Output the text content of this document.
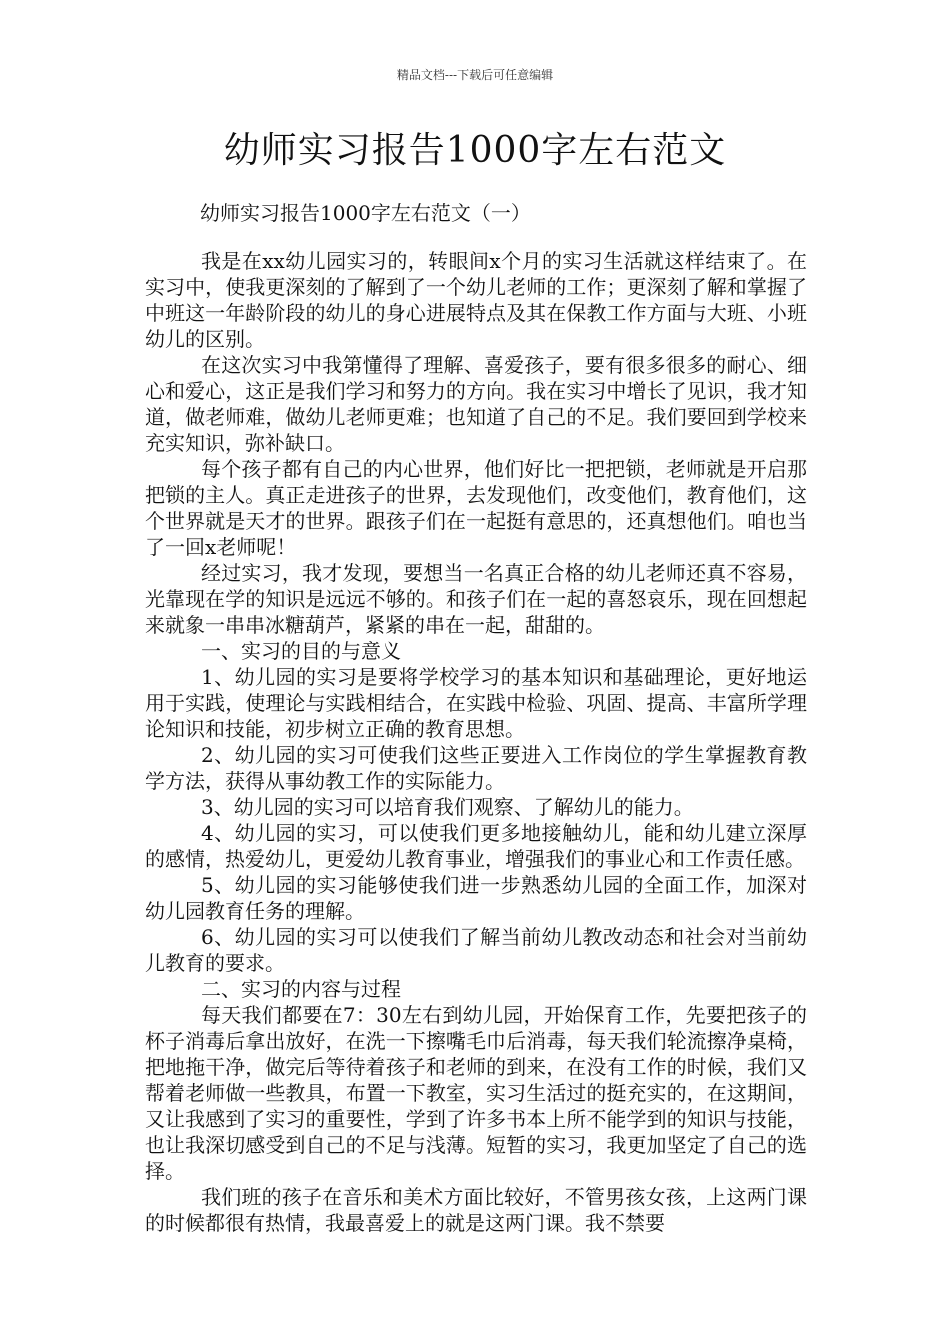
精品文档---下载后可任意编辑
幼师实习报告1000字左右范文
幼师实习报告1000字左右范文（一）

我是在xx幼儿园实习的，转眼间x个月的实习生活就这样结束了。在实习中，使我更深刻的了解到了一个幼儿老师的工作；更深刻了解和掌握了中班这一年龄阶段的幼儿的身心进展特点及其在保教工作方面与大班、小班幼儿的区别。

在这次实习中我第懂得了理解、喜爱孩子，要有很多很多的耐心、细心和爱心，这正是我们学习和努力的方向。我在实习中增长了见识，我才知道，做老师难，做幼儿老师更难；也知道了自己的不足。我们要回到学校来充实知识，弥补缺口。

每个孩子都有自己的内心世界，他们好比一把把锁，老师就是开启那把锁的主人。真正走进孩子的世界，去发现他们，改变他们，教育他们，这个世界就是天才的世界。跟孩子们在一起挺有意思的，还真想他们。咱也当了一回x老师呢！

经过实习，我才发现，要想当一名真正合格的幼儿老师还真不容易，光靠现在学的知识是远远不够的。和孩子们在一起的喜怒哀乐，现在回想起来就象一串串冰糖葫芦，紧紧的串在一起，甜甜的。

一、实习的目的与意义

1、幼儿园的实习是要将学校学习的基本知识和基础理论，更好地运用于实践，使理论与实践相结合，在实践中检验、巩固、提高、丰富所学理论知识和技能，初步树立正确的教育思想。

2、幼儿园的实习可使我们这些正要进入工作岗位的学生掌握教育教学方法，获得从事幼教工作的实际能力。

3、幼儿园的实习可以培育我们观察、了解幼儿的能力。

4、幼儿园的实习，可以使我们更多地接触幼儿，能和幼儿建立深厚的感情，热爱幼儿，更爱幼儿教育事业，增强我们的事业心和工作责任感。

5、幼儿园的实习能够使我们进一步熟悉幼儿园的全面工作，加深对幼儿园教育任务的理解。

6、幼儿园的实习可以使我们了解当前幼儿教改动态和社会对当前幼儿教育的要求。

二、实习的内容与过程

每天我们都要在7：30左右到幼儿园，开始保育工作，先要把孩子的杯子消毒后拿出放好，在洗一下擦嘴毛巾后消毒，每天我们轮流擦净桌椅，把地拖干净，做完后等待着孩子和老师的到来，在没有工作的时候，我们又帮着老师做一些教具，布置一下教室，实习生活过的挺充实的，在这期间，又让我感到了实习的重要性，学到了许多书本上所不能学到的知识与技能，也让我深切感受到自己的不足与浅薄。短暂的实习，我更加坚定了自己的选择。

我们班的孩子在音乐和美术方面比较好，不管男孩女孩，上这两门课的时候都很有热情，我最喜爱上的就是这两门课。我不禁要
